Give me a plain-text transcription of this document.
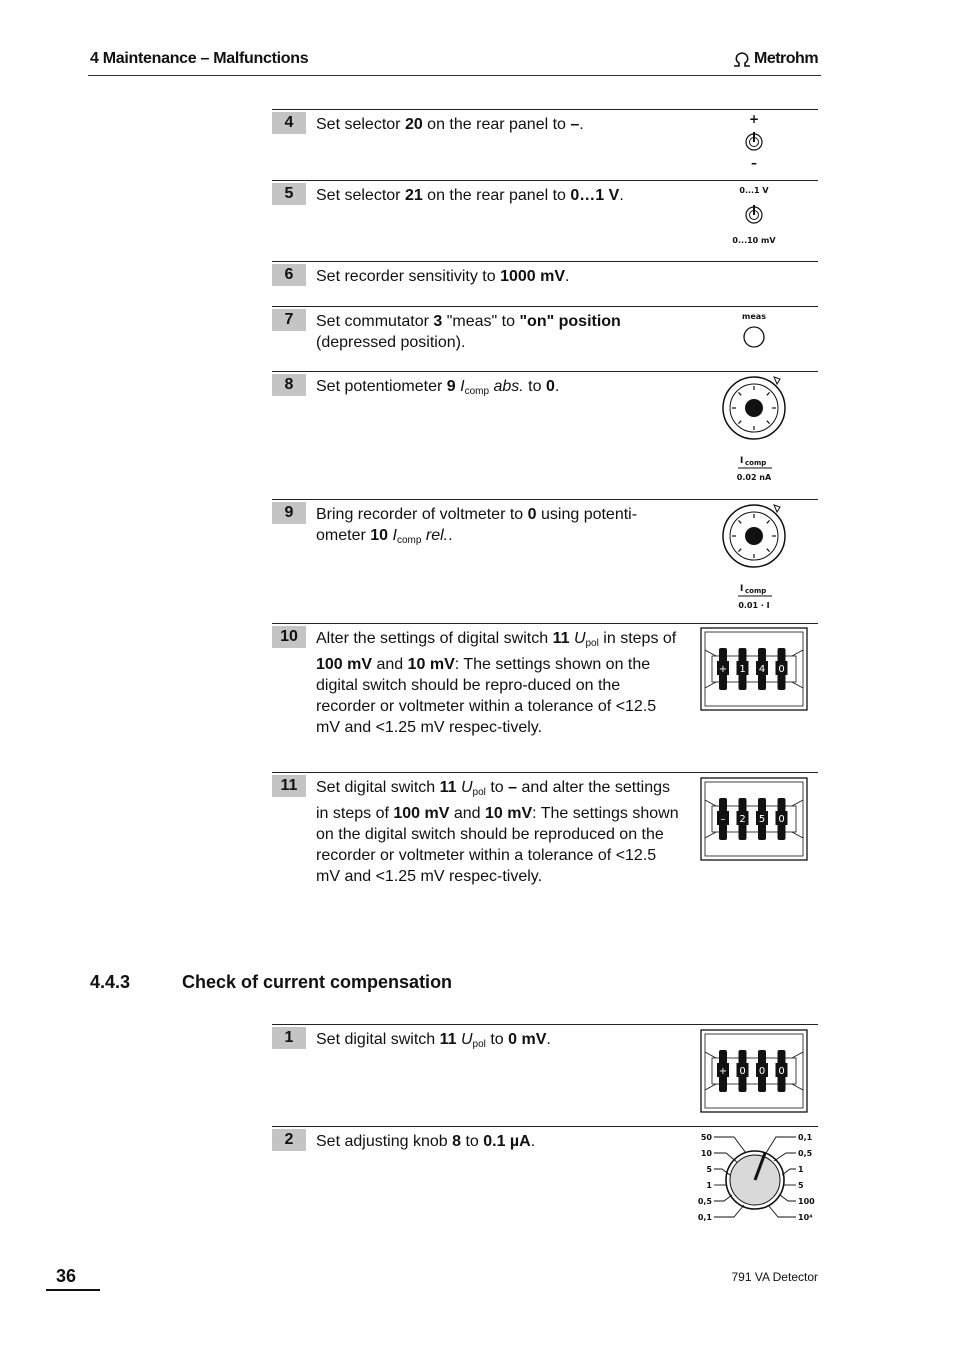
4 Maintenance – Malfunctions	Metrohm
4	Set selector 20 on the rear panel to –.	+
–
5	Set selector 21 on the rear panel to 0…1 V.	0...1 V
0...10 mV
6	Set recorder sensitivity to 1000 mV.
7	Set commutator 3 "meas" to "on" position (depressed position).
meas
8	Set potentiometer 9 $I_{comp}$ abs. to 0.
I comp
0.02 nA
9	Bring recorder of voltmeter to 0 using potenti-ometer 10 $I_{comp}$ rel..
I comp
0.01 · I
10	Alter the settings of digital switch 11 $U_{pol}$ in steps of 100 mV and 10 mV: The settings shown on the digital switch should be repro-duced on the recorder or voltmeter within a tolerance of <12.5 mV and <1.25 mV respec-tively.
+ 1 4 0
11	Set digital switch 11 $U_{pol}$ to – and alter the settings in steps of 100 mV and 10 mV: The settings shown on the digital switch should be reproduced on the recorder or voltmeter within a tolerance of <12.5 mV and <1.25 mV respec-tively.
– 2 5 0
4.4.3	Check of current compensation
1	Set digital switch 11 $U_{pol}$ to 0 mV.
+ 0 0 0
2	Set adjusting knob 8 to 0.1 µA.	50
10
5
1
0,5
0,1
0,1
0,5
1
5
100
10⁴
36	791 VA Detector
